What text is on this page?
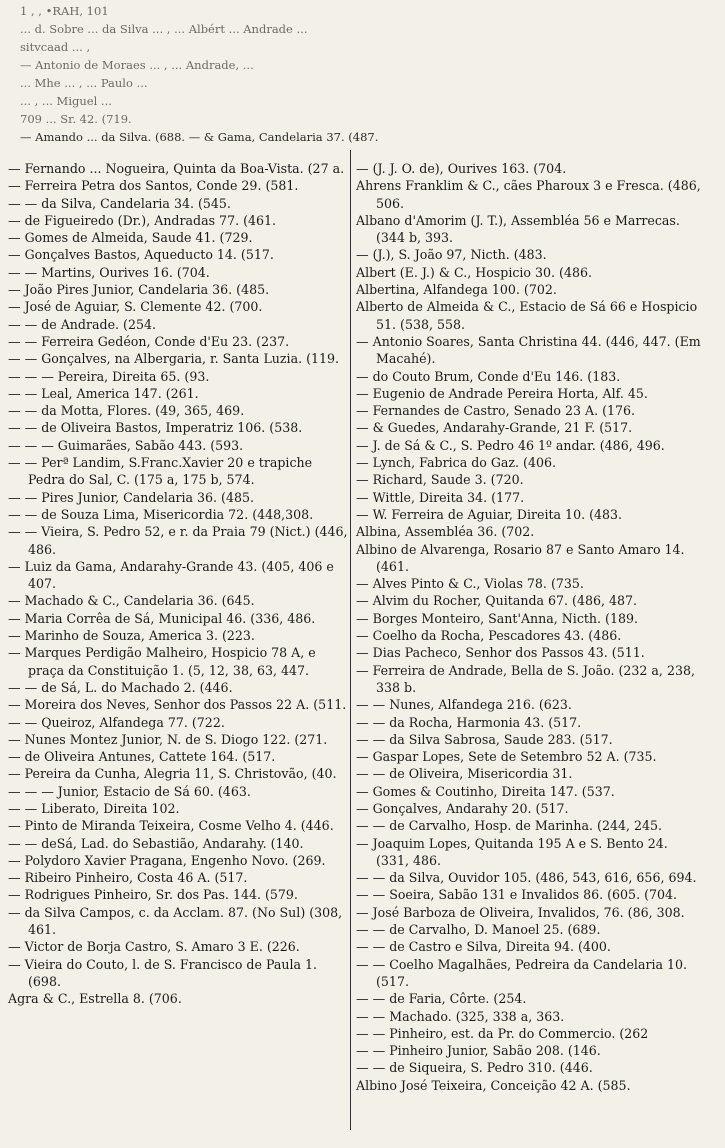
1 , , •RAH, 101
... d. Sobre ... da Silva ... , ... Albért ... Andrade ...
sitvcaad ... ,
— Antonio de Moraes ... , ... Andrade, ...
... Mhe ... , ... Paulo ...
... , ... Miguel ...
709 ... Sr. 42. (719.
— Amando ... da Silva. (688. — & Gama, Candelaria 37. (487.
— Fernando ... Nogueira, Quinta da Boa-Vista. (27 a.
— Ferreira Petra dos Santos, Conde 29. (581.
— — da Silva, Candelaria 34. (545.
— de Figueiredo (Dr.), Andradas 77. (461.
— Gomes de Almeida, Saude 41. (729.
— Gonçalves Bastos, Aqueducto 14. (517.
— — Martins, Ourives 16. (704.
— João Pires Junior, Candelaria 36. (485.
— José de Aguiar, S. Clemente 42. (700.
— — de Andrade. (254.
— — Ferreira Gedéon, Conde d'Eu 23. (237.
— — Gonçalves, na Albergaria, r. Santa Luzia. (119.
— — — Pereira, Direita 65. (93.
— — Leal, America 147. (261.
— — da Motta, Flores. (49, 365, 469.
— — de Oliveira Bastos, Imperatriz 106. (538.
— — — Guimarães, Sabão 443. (593.
— — Perª Landim, S.Franc.Xavier 20 e trapiche Pedra do Sal, C. (175 a, 175 b, 574.
— — Pires Junior, Candelaria 36. (485.
— — de Souza Lima, Misericordia 72. (448,308.
— — Vieira, S. Pedro 52, e r. da Praia 79 (Nict.) (446, 486.
— Luiz da Gama, Andarahy-Grande 43. (405, 406 e 407.
— Machado & C., Candelaria 36. (645.
— Maria Corrêa de Sá, Municipal 46. (336, 486.
— Marinho de Souza, America 3. (223.
— Marques Perdigão Malheiro, Hospicio 78 A, e praça da Constituição 1. (5, 12, 38, 63, 447.
— — de Sá, L. do Machado 2. (446.
— Moreira dos Neves, Senhor dos Passos 22 A. (511.
— — Queiroz, Alfandega 77. (722.
— Nunes Montez Junior, N. de S. Diogo 122. (271.
— de Oliveira Antunes, Cattete 164. (517.
— Pereira da Cunha, Alegria 11, S. Christovão, (40.
— — — Junior, Estacio de Sá 60. (463.
— — Liberato, Direita 102.
— Pinto de Miranda Teixeira, Cosme Velho 4. (446.
— — deSá, Lad. do Sebastião, Andarahy. (140.
— Polydoro Xavier Pragana, Engenho Novo. (269.
— Ribeiro Pinheiro, Costa 46 A. (517.
— Rodrigues Pinheiro, Sr. dos Pas. 144. (579.
— da Silva Campos, c. da Acclam. 87. (No Sul) (308, 461.
— Victor de Borja Castro, S. Amaro 3 E. (226.
— Vieira do Couto, l. de S. Francisco de Paula 1. (698.
Agra & C., Estrella 8. (706.
— (J. J. O. de), Ourives 163. (704.
Ahrens Franklim & C., cães Pharoux 3 e Fresca. (486, 506.
Albano d'Amorim (J. T.), Assembléa 56 e Marrecas. (344 b, 393.
— (J.), S. João 97, Nicth. (483.
Albert (E. J.) & C., Hospicio 30. (486.
Albertina, Alfandega 100. (702.
Alberto de Almeida & C., Estacio de Sá 66 e Hospicio 51. (538, 558.
— Antonio Soares, Santa Christina 44. (446, 447. (Em Macahé).
— do Couto Brum, Conde d'Eu 146. (183.
— Eugenio de Andrade Pereira Horta, Alf. 45.
— Fernandes de Castro, Senado 23 A. (176.
— & Guedes, Andarahy-Grande, 21 F. (517.
— J. de Sá & C., S. Pedro 46 1º andar. (486, 496.
— Lynch, Fabrica do Gaz. (406.
— Richard, Saude 3. (720.
— Wittle, Direita 34. (177.
— W. Ferreira de Aguiar, Direita 10. (483.
Albina, Assembléa 36. (702.
Albino de Alvarenga, Rosario 87 e Santo Amaro 14. (461.
— Alves Pinto & C., Violas 78. (735.
— Alvim du Rocher, Quitanda 67. (486, 487.
— Borges Monteiro, Sant'Anna, Nicth. (189.
— Coelho da Rocha, Pescadores 43. (486.
— Dias Pacheco, Senhor dos Passos 43. (511.
— Ferreira de Andrade, Bella de S. João. (232 a, 238, 338 b.
— — Nunes, Alfandega 216. (623.
— — da Rocha, Harmonia 43. (517.
— — da Silva Sabrosa, Saude 283. (517.
— Gaspar Lopes, Sete de Setembro 52 A. (735.
— — de Oliveira, Misericordia 31.
— Gomes & Coutinho, Direita 147. (537.
— Gonçalves, Andarahy 20. (517.
— — de Carvalho, Hosp. de Marinha. (244, 245.
— Joaquim Lopes, Quitanda 195 A e S. Bento 24. (331, 486.
— — da Silva, Ouvidor 105. (486, 543, 616, 656, 694.
— — Soeira, Sabão 131 e Invalidos 86. (605. (704.
— José Barboza de Oliveira, Invalidos, 76. (86, 308.
— — de Carvalho, D. Manoel 25. (689.
— — de Castro e Silva, Direita 94. (400.
— — Coelho Magalhães, Pedreira da Candelaria 10. (517.
— — de Faria, Côrte. (254.
— — Machado. (325, 338 a, 363.
— — Pinheiro, est. da Pr. do Commercio. (262
— — Pinheiro Junior, Sabão 208. (146.
— — de Siqueira, S. Pedro 310. (446.
Albino José Teixeira, Conceição 42 A. (585.
